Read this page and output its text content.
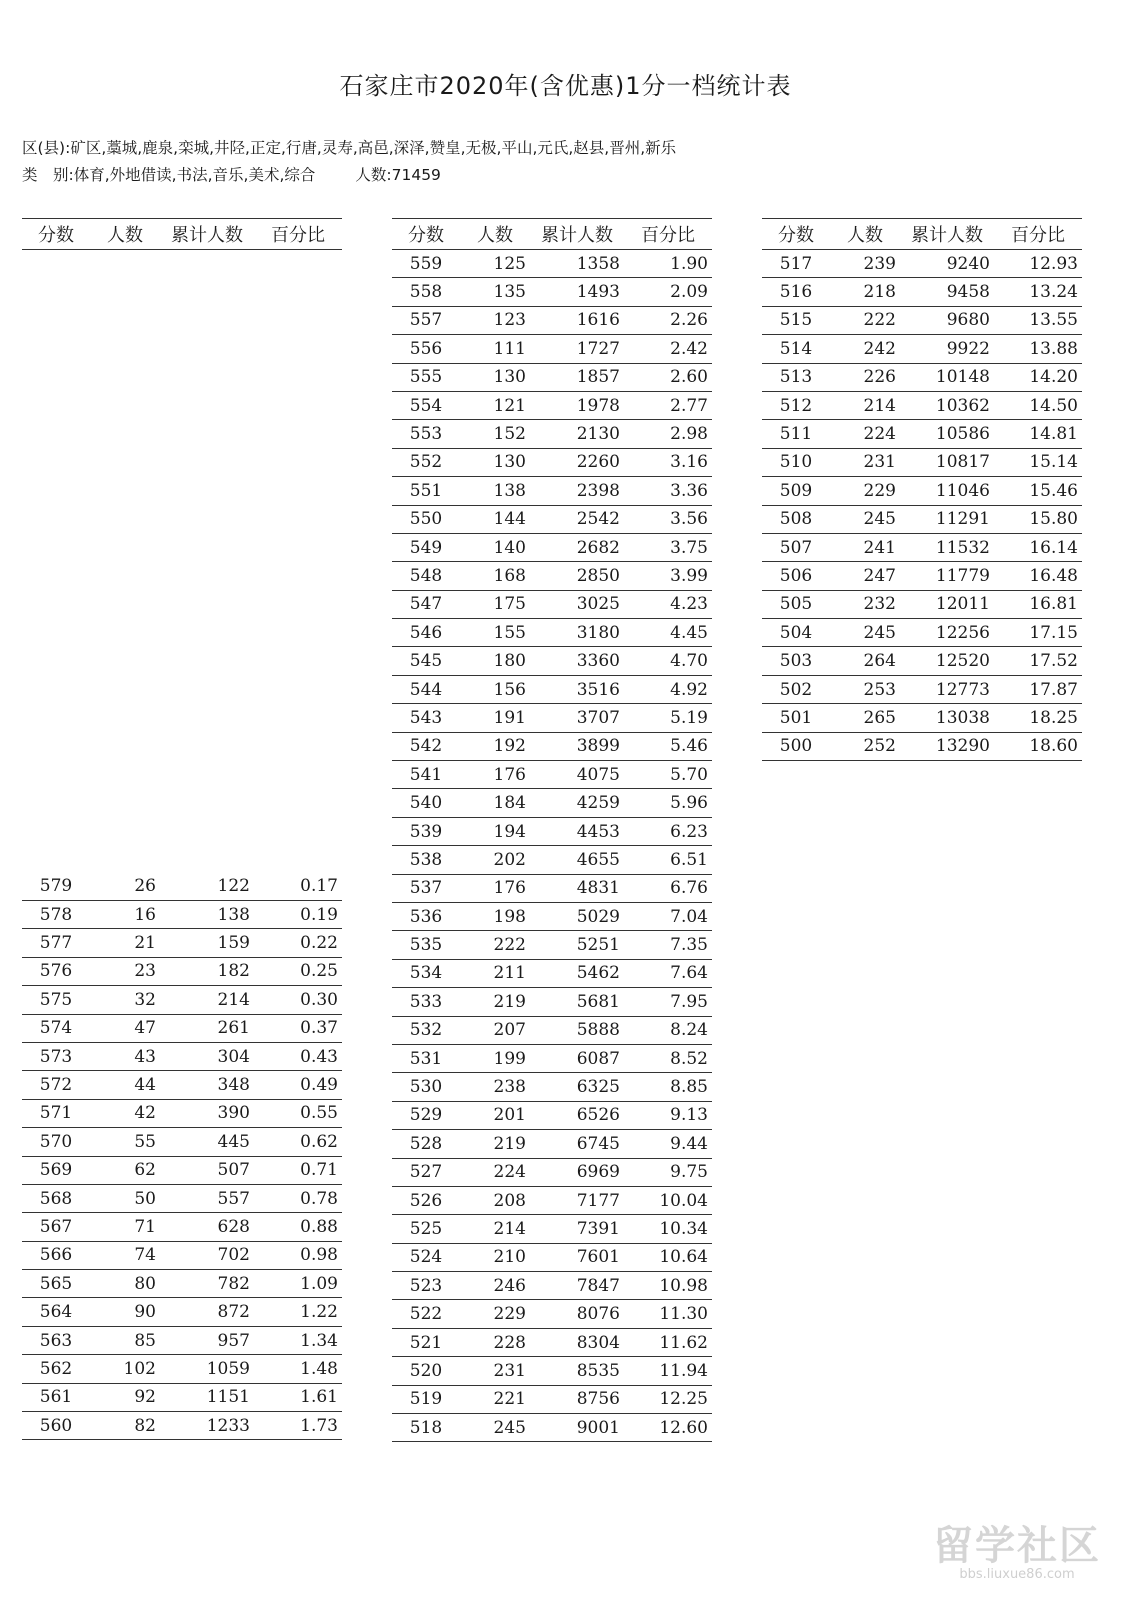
石家庄市2020年(含优惠)1分一档统计表
区(县):矿区,藁城,鹿泉,栾城,井陉,正定,行唐,灵寿,高邑,深泽,赞皇,无极,平山,元氏,赵县,晋州,新乐
类　别:体育,外地借读,书法,音乐,美术,综合	人数:71459
分数	人数	累计人数	百分比

579	26	122	0.17
578	16	138	0.19
577	21	159	0.22
576	23	182	0.25
575	32	214	0.30
574	47	261	0.37
573	43	304	0.43
572	44	348	0.49
571	42	390	0.55
570	55	445	0.62
569	62	507	0.71
568	50	557	0.78
567	71	628	0.88
566	74	702	0.98
565	80	782	1.09
564	90	872	1.22
563	85	957	1.34
562	102	1059	1.48
561	92	1151	1.61
560	82	1233	1.73
分数	人数	累计人数	百分比
559	125	1358	1.90
558	135	1493	2.09
557	123	1616	2.26
556	111	1727	2.42
555	130	1857	2.60
554	121	1978	2.77
553	152	2130	2.98
552	130	2260	3.16
551	138	2398	3.36
550	144	2542	3.56
549	140	2682	3.75
548	168	2850	3.99
547	175	3025	4.23
546	155	3180	4.45
545	180	3360	4.70
544	156	3516	4.92
543	191	3707	5.19
542	192	3899	5.46
541	176	4075	5.70
540	184	4259	5.96
539	194	4453	6.23
538	202	4655	6.51
537	176	4831	6.76
536	198	5029	7.04
535	222	5251	7.35
534	211	5462	7.64
533	219	5681	7.95
532	207	5888	8.24
531	199	6087	8.52
530	238	6325	8.85
529	201	6526	9.13
528	219	6745	9.44
527	224	6969	9.75
526	208	7177	10.04
525	214	7391	10.34
524	210	7601	10.64
523	246	7847	10.98
522	229	8076	11.30
521	228	8304	11.62
520	231	8535	11.94
519	221	8756	12.25
518	245	9001	12.60
分数	人数	累计人数	百分比
517	239	9240	12.93
516	218	9458	13.24
515	222	9680	13.55
514	242	9922	13.88
513	226	10148	14.20
512	214	10362	14.50
511	224	10586	14.81
510	231	10817	15.14
509	229	11046	15.46
508	245	11291	15.80
507	241	11532	16.14
506	247	11779	16.48
505	232	12011	16.81
504	245	12256	17.15
503	264	12520	17.52
502	253	12773	17.87
501	265	13038	18.25
500	252	13290	18.60
留学社区
bbs.liuxue86.com
